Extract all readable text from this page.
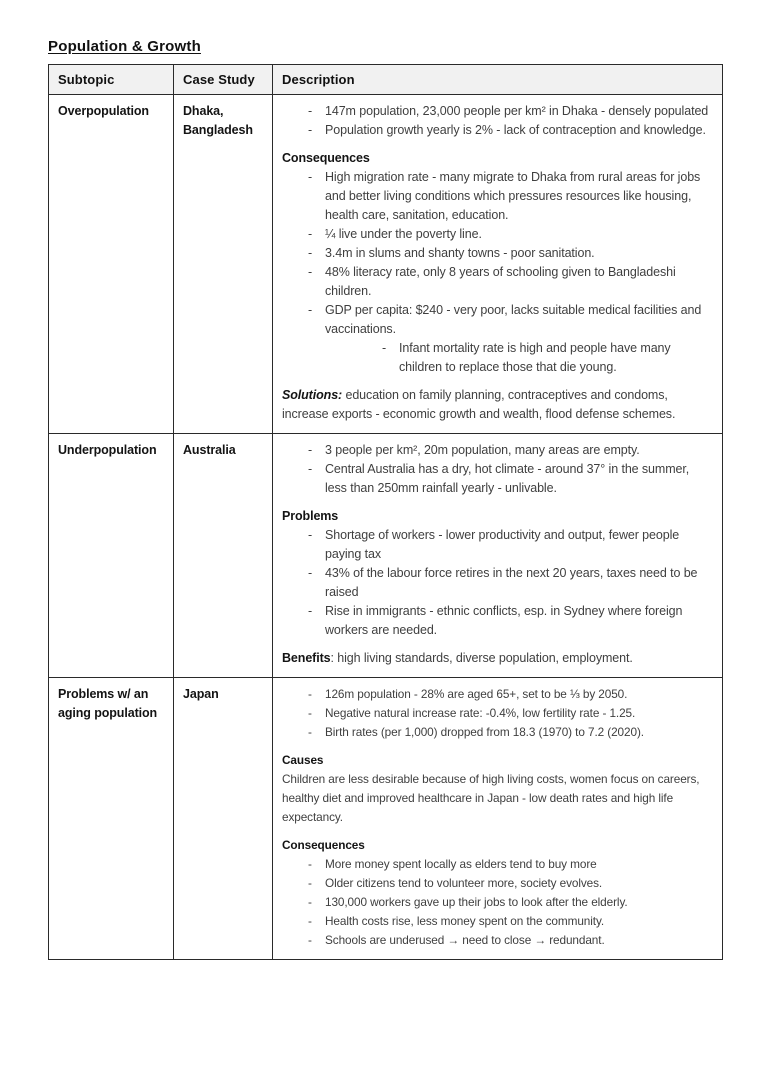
Population & Growth
Subtopic	Case Study	Description
Overpopulation	Dhaka, Bangladesh	
-	147m population, 23,000 people per km² in Dhaka - densely populated
-	Population growth yearly is 2% - lack of contraception and knowledge.
Consequences
-	High migration rate - many migrate to Dhaka from rural areas for jobs and better living conditions which pressures resources like housing, health care, sanitation, education.
-	¼ live under the poverty line.
-	3.4m in slums and shanty towns - poor sanitation.
-	48% literacy rate, only 8 years of schooling given to Bangladeshi children.
-	GDP per capita: $240 - very poor, lacks suitable medical facilities and vaccinations.
-	Infant mortality rate is high and people have many children to replace those that die young.
Solutions: education on family planning, contraceptives and condoms, increase exports - economic growth and wealth, flood defense schemes.

Underpopulation	Australia	-	3 people per km², 20m population, many areas are empty.
-	Central Australia has a dry, hot climate - around 37° in the summer, less than 250mm rainfall yearly - unlivable.
Problems
-	Shortage of workers - lower productivity and output, fewer people paying tax
-	43% of the labour force retires in the next 20 years, taxes need to be raised
-	Rise in immigrants - ethnic conflicts, esp. in Sydney where foreign workers are needed.
Benefits: high living standards, diverse population, employment.

Problems w/ an aging population	Japan	-	126m population - 28% are aged 65+, set to be ⅓ by 2050.
-	Negative natural increase rate: -0.4%, low fertility rate - 1.25.
-	Birth rates (per 1,000) dropped from 18.3 (1970) to 7.2 (2020).
Causes
Children are less desirable because of high living costs, women focus on careers, healthy diet and improved healthcare in Japan - low death rates and high life expectancy.
Consequences
-	More money spent locally as elders tend to buy more
-	Older citizens tend to volunteer more, society evolves.
-	130,000 workers gave up their jobs to look after the elderly.
-	Health costs rise, less money spent on the community.
-	Schools are underused → need to close → redundant.
